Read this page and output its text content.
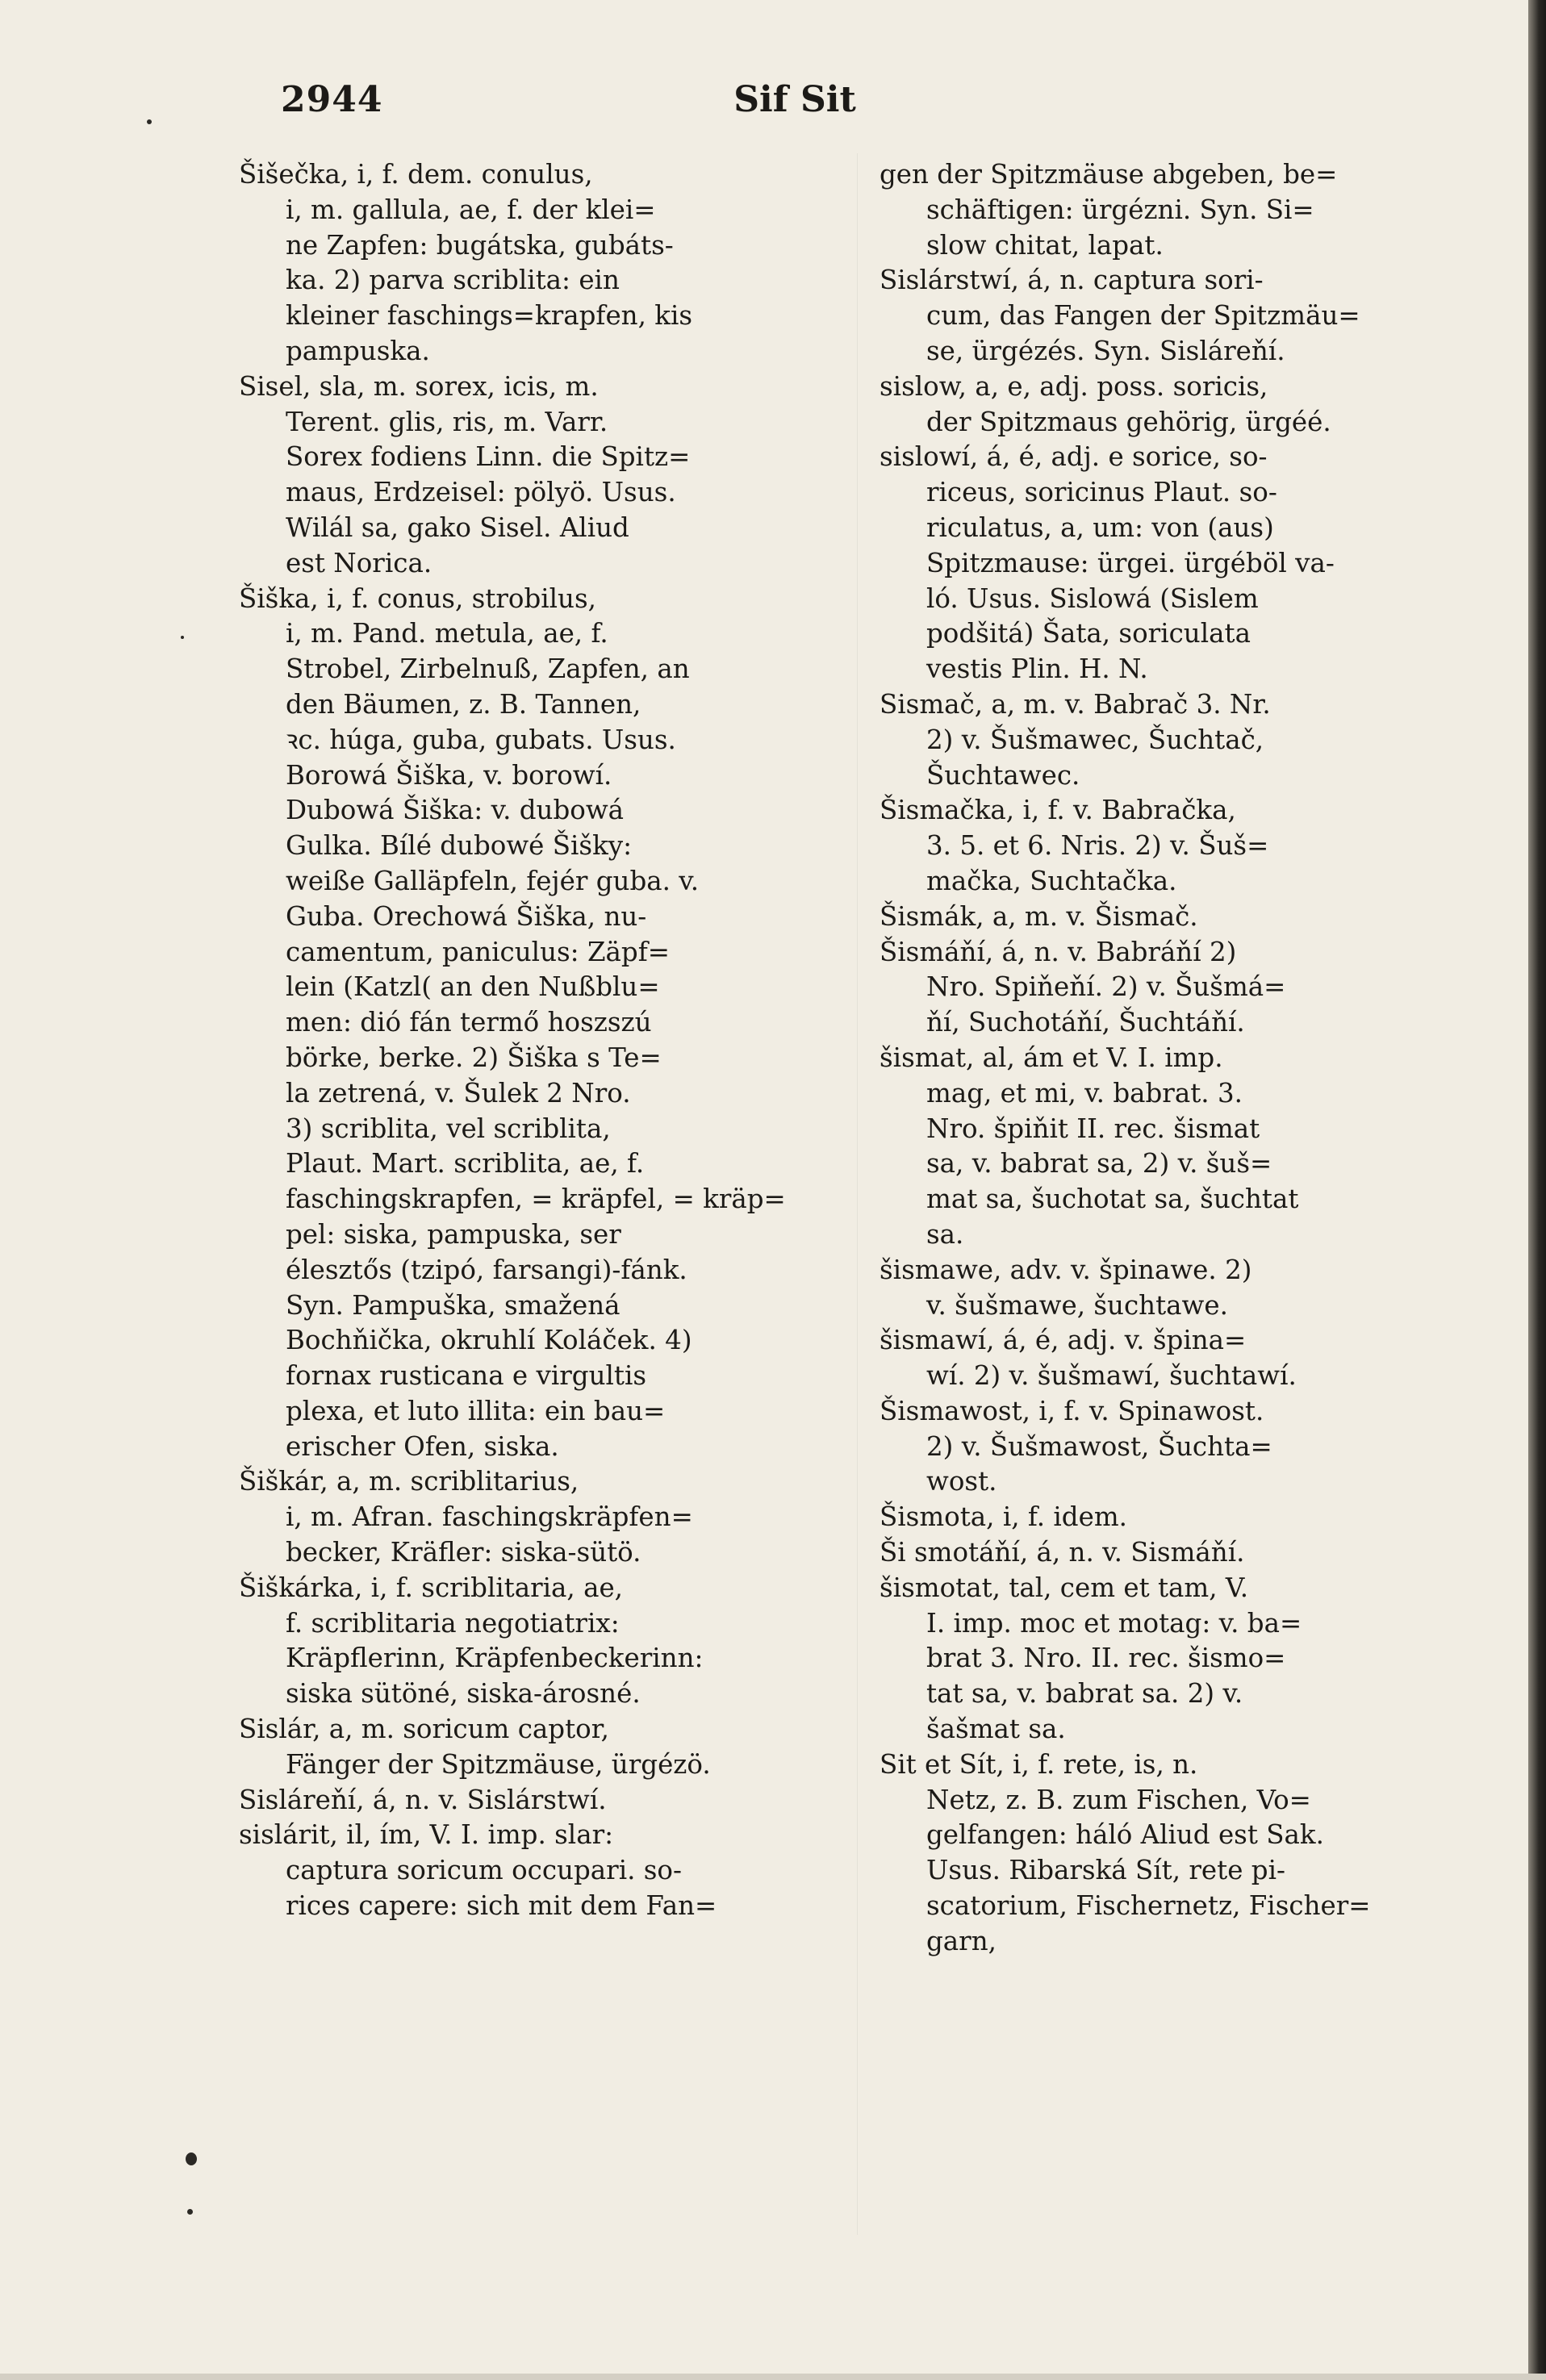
2944	Sif Sit
Šišečka, i, f. dem. conulus,
i, m. gallula, ae, f. der klei=
ne Zapfen: bugátska, gubáts-
ka. 2) parva scriblita: ein
kleiner faschings=krapfen, kis
pampuska.
Sisel, sla, m. sorex, icis, m.
Terent. glis, ris, m. Varr.
Sorex fodiens Linn. die Spitz=
maus, Erdzeisel: pölyö. Usus.
Wilál sa, gako Sisel. Aliud
est Norica.
Šiška, i, f. conus, strobilus,
i, m. Pand. metula, ae, f.
Strobel, Zirbelnuß, Zapfen, an
den Bäumen, z. B. Tannen,
ꝛc. húga, guba, gubats. Usus.
Borowá Šiška, v. borowí.
Dubowá Šiška: v. dubowá
Gulka. Bílé dubowé Šišky:
weiße Galläpfeln, fejér guba. v.
Guba. Orechowá Šiška, nu-
camentum, paniculus: Zäpf=
lein (Katzl( an den Nußblu=
men: dió fán termő hoszszú
börke, berke. 2) Šiška s Te=
la zetrená, v. Šulek 2 Nro.
3) scriblita, vel scriblita,
Plaut. Mart. scriblita, ae, f.
faschingskrapfen, = kräpfel, = kräp=
pel: siska, pampuska, ser
élesztős (tzipó, farsangi)-fánk.
Syn. Pampuška, smažená
Bochňička, okruhlí Koláček. 4)
fornax rusticana e virgultis
plexa, et luto illita: ein bau=
erischer Ofen, siska.
Šiškár, a, m. scriblitarius,
i, m. Afran. faschingskräpfen=
becker, Kräfler: siska-sütö.
Šiškárka, i, f. scriblitaria, ae,
f. scriblitaria negotiatrix:
Kräpflerinn, Kräpfenbeckerinn:
siska sütöné, siska-árosné.
Sislár, a, m. soricum captor,
Fänger der Spitzmäuse, ürgézö.
Sisláreňí, á, n. v. Sislárstwí.
sislárit, il, ím, V. I. imp. slar:
captura soricum occupari. so-
rices capere: sich mit dem Fan=
gen der Spitzmäuse abgeben, be=
schäftigen: ürgézni. Syn. Si=
slow chitat, lapat.
Sislárstwí, á, n. captura sori-
cum, das Fangen der Spitzmäu=
se, ürgézés. Syn. Sisláreňí.
sislow, a, e, adj. poss. soricis,
der Spitzmaus gehörig, ürgéé.
sislowí, á, é, adj. e sorice, so-
riceus, soricinus Plaut. so-
riculatus, a, um: von (aus)
Spitzmause: ürgei. ürgéböl va-
ló. Usus. Sislowá (Sislem
podšitá) Šata, soriculata
vestis Plin. H. N.
Sismač, a, m. v. Babrač 3. Nr.
2) v. Šušmawec, Šuchtač,
Šuchtawec.
Šismačka, i, f. v. Babračka,
3. 5. et 6. Nris. 2) v. Šuš=
mačka, Suchtačka.
Šismák, a, m. v. Šismač.
Šismáňí, á, n. v. Babráňí 2)
Nro. Spiňeňí. 2) v. Šušmá=
ňí, Suchotáňí, Šuchtáňí.
šismat, al, ám et V. I. imp.
mag, et mi, v. babrat. 3.
Nro. špiňit II. rec. šismat
sa, v. babrat sa, 2) v. šuš=
mat sa, šuchotat sa, šuchtat
sa.
šismawe, adv. v. špinawe. 2)
v. šušmawe, šuchtawe.
šismawí, á, é, adj. v. špina=
wí. 2) v. šušmawí, šuchtawí.
Šismawost, i, f. v. Spinawost.
2) v. Šušmawost, Šuchta=
wost.
Šismota, i, f. idem.
Ši smotáňí, á, n. v. Sismáňí.
šismotat, tal, cem et tam, V.
I. imp. moc et motag: v. ba=
brat 3. Nro. II. rec. šismo=
tat sa, v. babrat sa. 2) v.
šašmat sa.
Sit et Sít, i, f. rete, is, n.
Netz, z. B. zum Fischen, Vo=
gelfangen: háló Aliud est Sak.
Usus. Ribarská Sít, rete pi-
scatorium, Fischernetz, Fischer=
garn,
